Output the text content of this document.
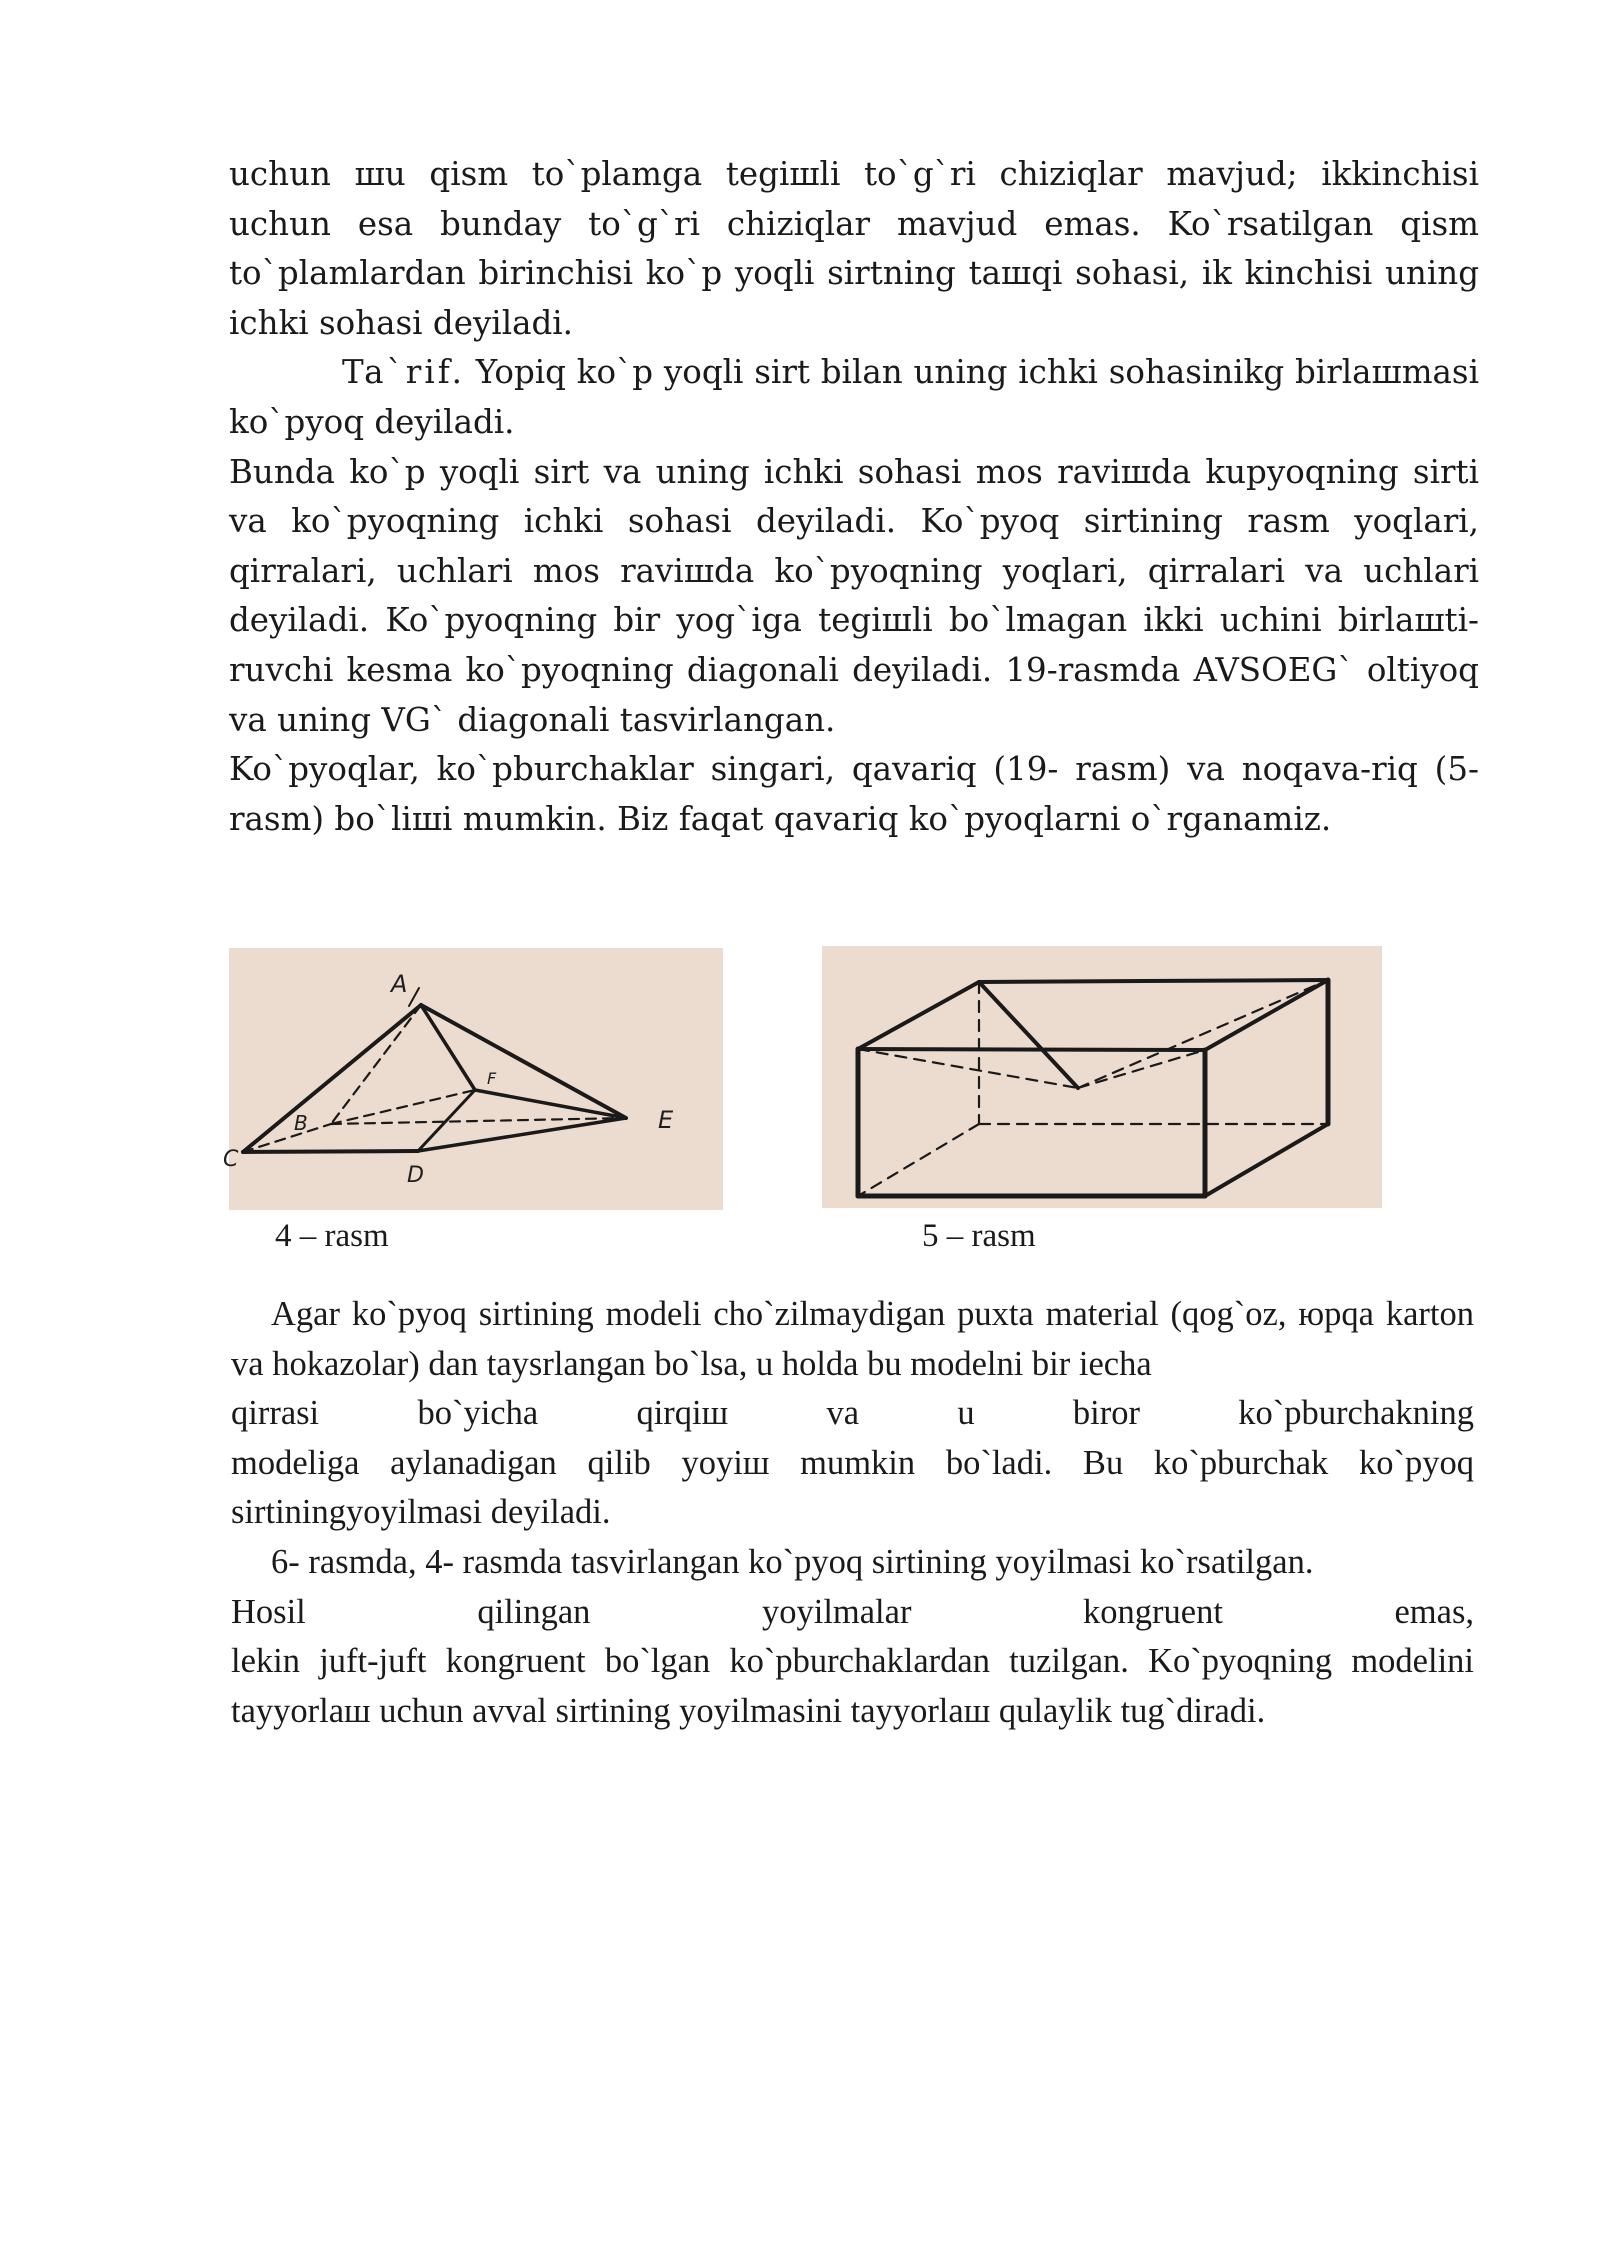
uchun шu qism to`plamga tegiшli to`g`ri chiziqlar mavjud; ikkinchisi uchun esa bunday to`g`ri chiziqlar mavjud emas. Ko`rsatilgan qism to`plamlardan birinchisi ko`p yoqli sirtning taшqi sohasi, ik kinchisi uning ichki sohasi deyiladi.

Ta`rif. Yopiq ko`p yoqli sirt bilan uning ichki sohasinikg birlaшmasi ko`pyoq deyiladi.

Bunda ko`p yoqli sirt va uning ichki sohasi mos raviшda kupyoqning sirti va ko`pyoqning ichki sohasi deyiladi. Ko`pyoq sirtining rasm yoqlari, qirralari, uchlari mos raviшda ko`pyoqning yoqlari, qirralari va uchlari deyiladi. Ko`pyoqning bir yog`iga tegiшli bo`lmagan ikki uchini birlaшti-ruvchi kesma ko`pyoqning diagonali deyiladi. 19-rasmda AVSOEG` oltiyoq va uning VG` diagonali tasvirlangan.

Ko`pyoqlar, ko`pburchaklar singari, qavariq (19- rasm) va noqava-riq (5- rasm) bo`liшi mumkin. Biz faqat qavariq ko`pyoqlarni o`rganamiz.

A
B
C
D
E
F
4 – rasm	5 – rasm

Agar ko`pyoq sirtining modeli cho`zilmaydigan puxta material (qog`oz, юpqa karton va hokazolar) dan taysrlangan bo`lsa, u holda bu modelni bir iecha

qirrasi bo`yicha qirqiш va u biror ko`pburchakning

modeliga aylanadigan qilib yoyiш mumkin bo`ladi. Bu ko`pburchak ko`pyoq sirtiningyoyilmasi deyiladi.

6- rasmda, 4- rasmda tasvirlangan ko`pyoq sirtining yoyilmasi ko`rsatilgan.

Hosil qilingan yoyilmalar kongruent emas,

lekin juft-juft kongruent bo`lgan ko`pburchaklardan tuzilgan. Ko`pyoqning modelini tayyorlaш uchun avval sirtining yoyilmasini tayyorlaш qulaylik tug`diradi.
